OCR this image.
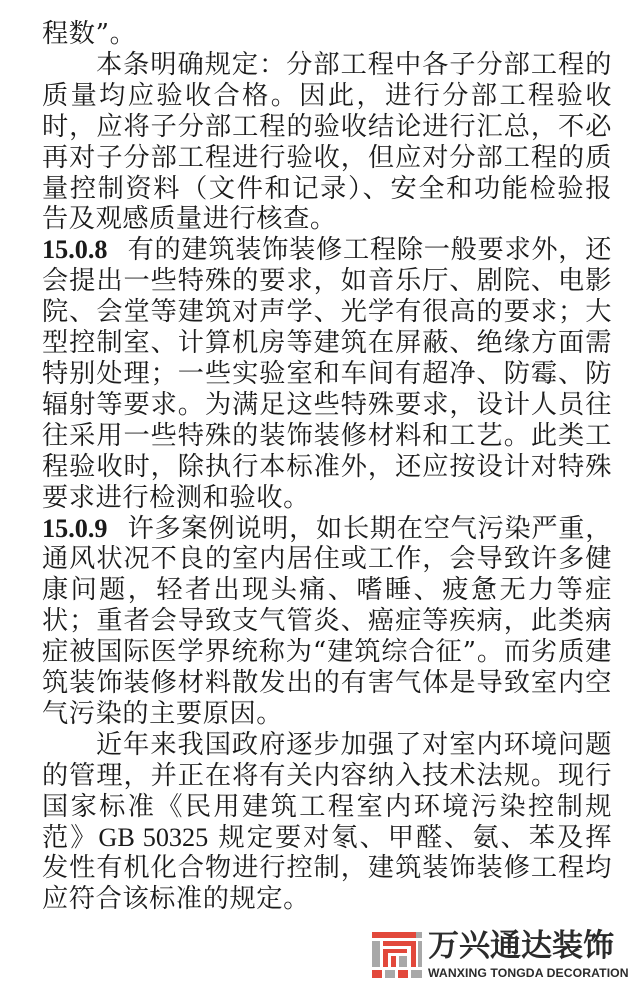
程数”。

本条明确规定：分部工程中各子分部工程的质量均应验收合格。因此，进行分部工程验收时，应将子分部工程的验收结论进行汇总，不必再对子分部工程进行验收，但应对分部工程的质量控制资料（文件和记录）、安全和功能检验报告及观感质量进行核查。

15.0.8 有的建筑装饰装修工程除一般要求外，还会提出一些特殊的要求，如音乐厅、剧院、电影院、会堂等建筑对声学、光学有很高的要求；大型控制室、计算机房等建筑在屏蔽、绝缘方面需特别处理；一些实验室和车间有超净、防霉、防辐射等要求。为满足这些特殊要求，设计人员往往采用一些特殊的装饰装修材料和工艺。此类工程验收时，除执行本标准外，还应按设计对特殊要求进行检测和验收。

15.0.9 许多案例说明，如长期在空气污染严重，通风状况不良的室内居住或工作，会导致许多健康问题，轻者出现头痛、嗜睡、疲惫无力等症状；重者会导致支气管炎、癌症等疾病，此类病症被国际医学界统称为“建筑综合征”。而劣质建筑装饰装修材料散发出的有害气体是导致室内空气污染的主要原因。

近年来我国政府逐步加强了对室内环境问题的管理，并正在将有关内容纳入技术法规。现行国家标准《民用建筑工程室内环境污染控制规范》GB 50325 规定要对氡、甲醛、氨、苯及挥发性有机化合物进行控制，建筑装饰装修工程均应符合该标准的规定。

万兴通达装饰
WANXING TONGDA DECORATION
